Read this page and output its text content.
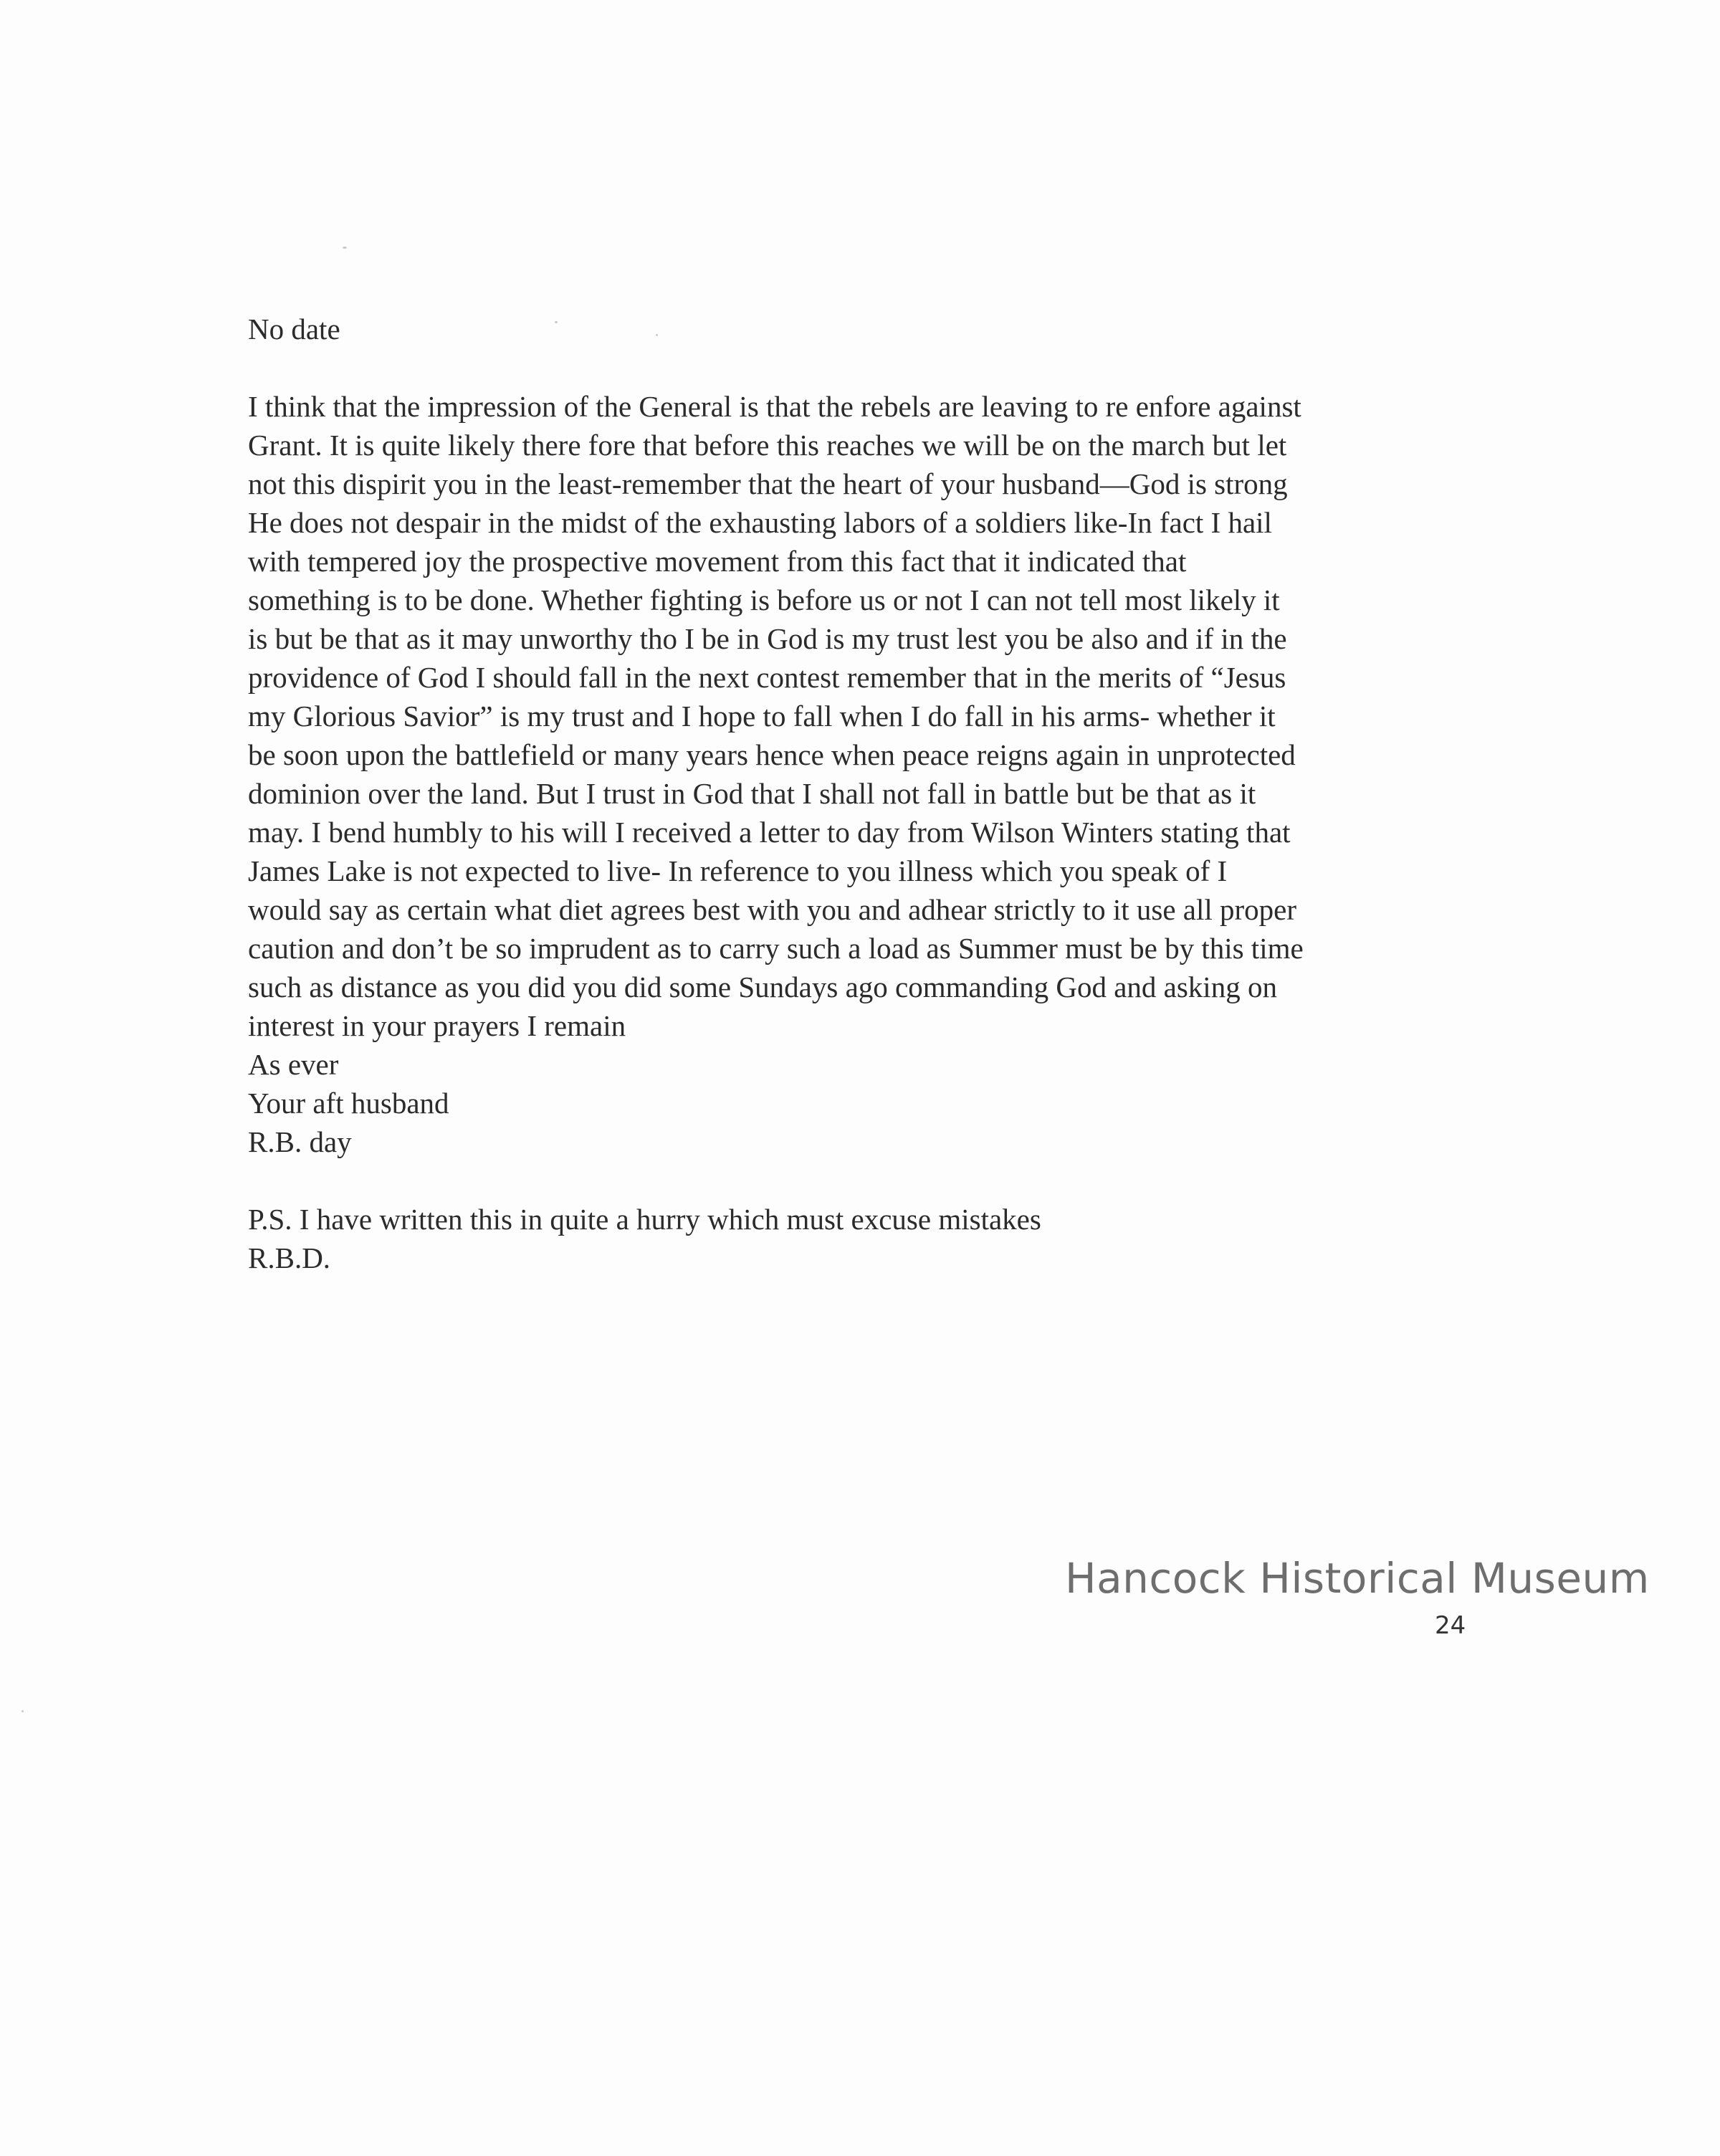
No date
I think that the impression of the General is that the rebels are leaving to re enfore against
Grant. It is quite likely there fore that before this reaches we will be on the march but let
not this dispirit you in the least-remember that the heart of your husband—God is strong
He does not despair in the midst of the exhausting labors of a soldiers like-In fact I hail
with tempered joy the prospective movement from this fact that it indicated that
something is to be done. Whether fighting is before us or not I can not tell most likely it
is but be that as it may unworthy tho I be in God is my trust lest you be also and if in the
providence of God I should fall in the next contest remember that in the merits of “Jesus
my Glorious Savior” is my trust and I hope to fall when I do fall in his arms- whether it
be soon upon the battlefield or many years hence when peace reigns again in unprotected
dominion over the land. But I trust in God that I shall not fall in battle but be that as it
may. I bend humbly to his will I received a letter to day from Wilson Winters stating that
James Lake is not expected to live- In reference to you illness which you speak of I
would say as certain what diet agrees best with you and adhear strictly to it use all proper
caution and don’t be so imprudent as to carry such a load as Summer must be by this time
such as distance as you did you did some Sundays ago commanding God and asking on
interest in your prayers I remain
As ever
Your aft husband
R.B. day
P.S. I have written this in quite a hurry which must excuse mistakes
R.B.D.
Hancock Historical Museum
24
